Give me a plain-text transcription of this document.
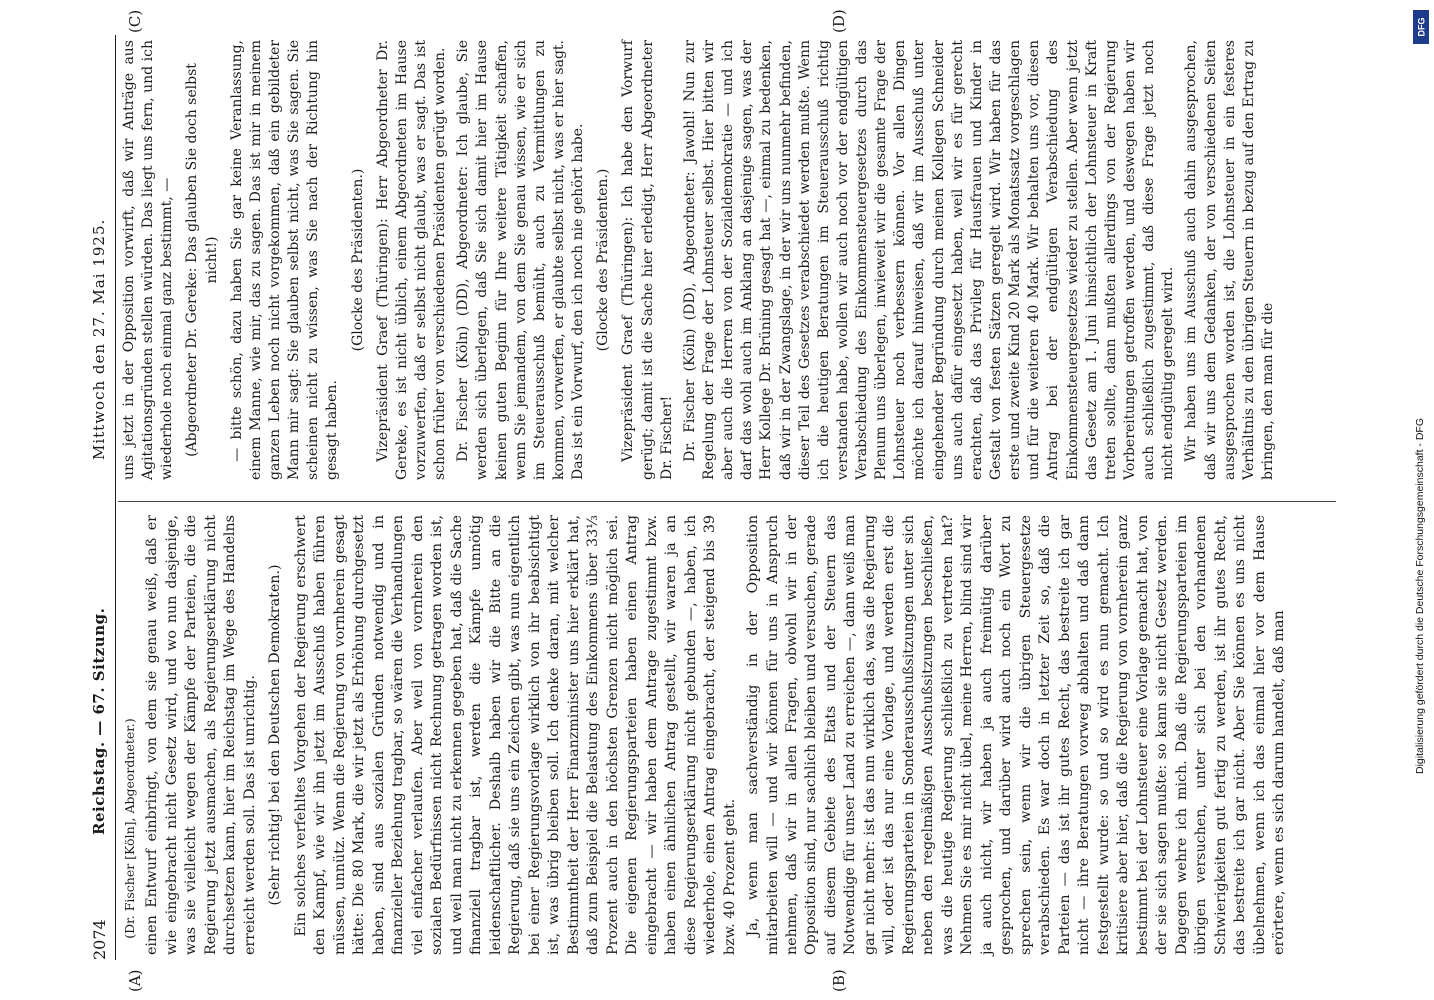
2074
Reichstag. — 67. Sitzung.
Mittwoch den 27. Mai 1925.
(A)	(B)
(C)	(D)

(Dr. Fischer [Köln], Abgeordneter.) einen Entwurf einbringt, von dem sie genau weiß, daß er wie eingebracht nicht Gesetz wird, und wo nun dasjenige, was sie vielleicht wegen der Kämpfe der Parteien, die die Regierung jetzt ausmachen, als Regierungserklärung nicht durchsetzen kann, hier im Reichstag im Wege des Handelns erreicht werden soll. Das ist unrichtig. (Sehr richtig! bei den Deutschen Demokraten.) Ein solches verfehltes Vorgehen der Regierung erschwert den Kampf, wie wir ihn jetzt im Ausschuß haben führen müssen, unnütz. Wenn die Regierung von vornherein gesagt hätte: Die 80 Mark, die wir jetzt als Erhöhung durchgesetzt haben, sind aus sozialen Gründen notwendig und in finanzieller Beziehung tragbar, so wären die Verhandlungen viel einfacher verlaufen. Aber weil von vornherein den sozialen Bedürfnissen nicht Rechnung getragen worden ist, und weil man nicht zu erkennen gegeben hat, daß die Sache finanziell tragbar ist, werden die Kämpfe unnötig leidenschaftlicher. Deshalb haben wir die Bitte an die Regierung, daß sie uns ein Zeichen gibt, was nun eigentlich bei einer Regierungsvorlage wirklich von ihr beabsichtigt ist, was übrig bleiben soll. Ich denke daran, mit welcher Bestimmtheit der Herr Finanzminister uns hier erklärt hat, daß zum Beispiel die Belastung des Einkommens über 33⅓ Prozent auch in den höchsten Grenzen nicht möglich sei. Die eigenen Regierungsparteien haben einen Antrag eingebracht — wir haben dem Antrage zugestimmt bzw. haben einen ähnlichen Antrag gestellt, wir waren ja an diese Regierungserklärung nicht gebunden —, haben, ich wiederhole, einen Antrag eingebracht, der steigend bis 39 bzw. 40 Prozent geht. Ja, wenn man sachverständig in der Opposition mitarbeiten will — und wir können für uns in Anspruch nehmen, daß wir in allen Fragen, obwohl wir in der Opposition sind, nur sachlich bleiben und versuchen, gerade auf diesem Gebiete des Etats und der Steuern das Notwendige für unser Land zu erreichen —, dann weiß man gar nicht mehr: ist das nun wirklich das, was die Regierung will, oder ist das nur eine Vorlage, und werden erst die Regierungsparteien in Sonderausschußsitzungen unter sich neben den regelmäßigen Ausschußsitzungen beschließen, was die heutige Regierung schließlich zu vertreten hat? Nehmen Sie es mir nicht übel, meine Herren, blind sind wir ja auch nicht, wir haben ja auch freimütig darüber gesprochen, und darüber wird auch noch ein Wort zu sprechen sein, wenn wir die übrigen Steuergesetze verabschieden. Es war doch in letzter Zeit so, daß die Parteien — das ist ihr gutes Recht, das bestreite ich gar nicht — ihre Beratungen vorweg abhalten und daß dann festgestellt wurde: so und so wird es nun gemacht. Ich kritisiere aber hier, daß die Regierung von vornherein ganz bestimmt bei der Lohnsteuer eine Vorlage gemacht hat, von der sie sich sagen mußte: so kann sie nicht Gesetz werden. Dagegen wehre ich mich. Daß die Regierungsparteien im übrigen versuchen, unter sich bei den vorhandenen Schwierigkeiten gut fertig zu werden, ist ihr gutes Recht, das bestreite ich gar nicht. Aber Sie können es uns nicht übelnehmen, wenn ich das einmal hier vor dem Hause erörtere, wenn es sich darum handelt, daß man

uns jetzt in der Opposition vorwirft, daß wir Anträge aus Agitationsgründen stellen würden. Das liegt uns fern, und ich wiederhole noch einmal ganz bestimmt, — (Abgeordneter Dr. Gereke: Das glauben Sie doch selbst nicht!) — bitte schön, dazu haben Sie gar keine Veranlassung, einem Manne, wie mir, das zu sagen. Das ist mir in meinem ganzen Leben noch nicht vorgekommen, daß ein gebildeter Mann mir sagt: Sie glauben selbst nicht, was Sie sagen. Sie scheinen nicht zu wissen, was Sie nach der Richtung hin gesagt haben.

(Glocke des Präsidenten.) Vizepräsident Graef (Thüringen): Herr Abgeordneter Dr. Gereke, es ist nicht üblich, einem Abgeordneten im Hause vorzuwerfen, daß er selbst nicht glaubt, was er sagt. Das ist schon früher von verschiedenen Präsidenten gerügt worden. Dr. Fischer (Köln) (DD), Abgeordneter: Ich glaube, Sie werden sich überlegen, daß Sie sich damit hier im Hause keinen guten Beginn für Ihre weitere Tätigkeit schaffen, wenn Sie jemandem, von dem Sie genau wissen, wie er sich im Steuerausschuß bemüht, auch zu Vermittlungen zu kommen, vorwerfen, er glaubte selbst nicht, was er hier sagt. Das ist ein Vorwurf, den ich noch nie gehört habe. (Glocke des Präsidenten.) Vizepräsident Graef (Thüringen): Ich habe den Vorwurf gerügt; damit ist die Sache hier erledigt, Herr Abgeordneter Dr. Fischer! Dr. Fischer (Köln) (DD), Abgeordneter: Jawohl! Nun zur Regelung der Frage der Lohnsteuer selbst. Hier bitten wir aber auch die Herren von der Sozialdemokratie — und ich darf das wohl auch im Anklang an dasjenige sagen, was der Herr Kollege Dr. Brüning gesagt hat —, einmal zu bedenken, daß wir in der Zwangslage, in der wir uns nunmehr befinden, dieser Teil des Gesetzes verabschiedet werden mußte. Wenn ich die heutigen Beratungen im Steuerausschuß richtig verstanden habe, wollen wir auch noch vor der endgültigen Verabschiedung des Einkommensteuergesetzes durch das Plenum uns überlegen, inwieweit wir die gesamte Frage der Lohnsteuer noch verbessern können. Vor allen Dingen möchte ich darauf hinweisen, daß wir im Ausschuß unter eingehender Begründung durch meinen Kollegen Schneider uns auch dafür eingesetzt haben, weil wir es für gerecht erachten, daß das Privileg für Hausfrauen und Kinder in Gestalt von festen Sätzen geregelt wird. Wir haben für das erste und zweite Kind 20 Mark als Monatssatz vorgeschlagen und für die weiteren 40 Mark. Wir behalten uns vor, diesen Antrag bei der endgültigen Verabschiedung des Einkommensteuergesetzes wieder zu stellen. Aber wenn jetzt das Gesetz am 1. Juni hinsichtlich der Lohnsteuer in Kraft treten sollte, dann mußten allerdings von der Regierung Vorbereitungen getroffen werden, und deswegen haben wir auch schließlich zugestimmt, daß diese Frage jetzt noch nicht endgültig geregelt wird. Wir haben uns im Ausschuß auch dahin ausgesprochen, daß wir uns dem Gedanken, der von verschiedenen Seiten ausgesprochen worden ist, die Lohnsteuer in ein festeres Verhältnis zu den übrigen Steuern in bezug auf den Ertrag zu bringen, den man für die

DFG
Digitalisierung gefördert durch die Deutsche Forschungsgemeinschaft - DFG
